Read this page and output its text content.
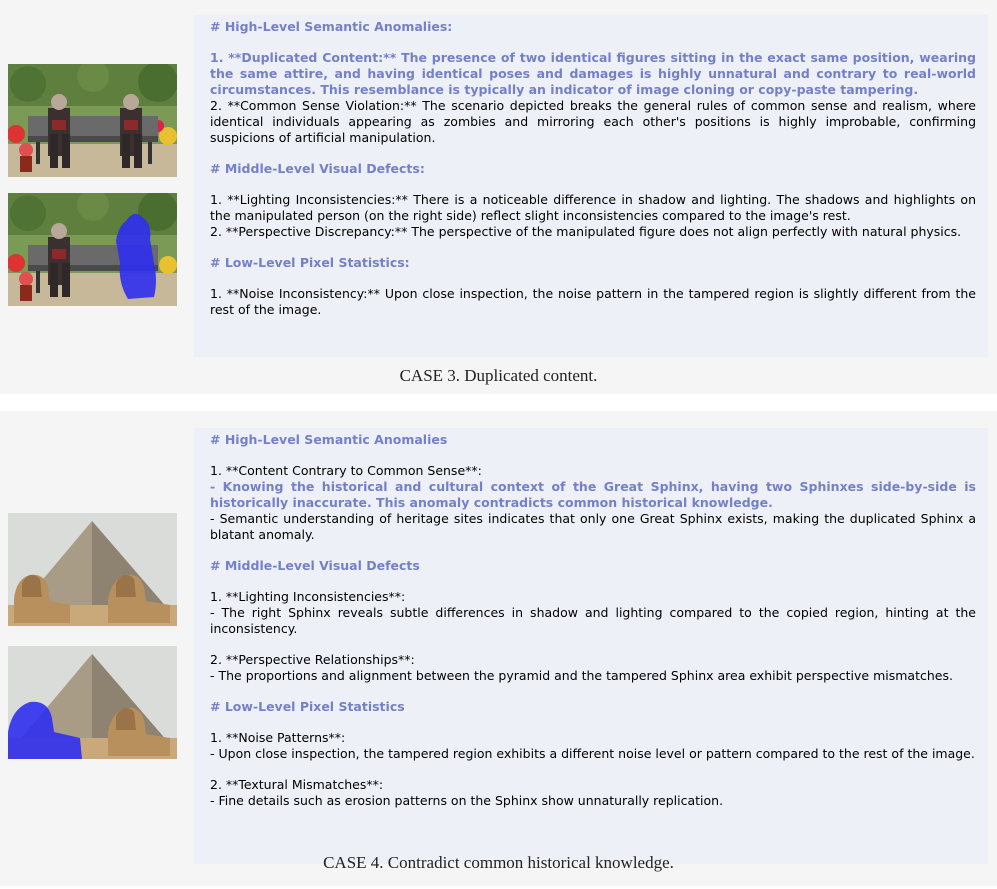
# High-Level Semantic Anomalies:

1. **Duplicated Content:** The presence of two identical figures sitting in the exact same position, wearing the same attire, and having identical poses and damages is highly unnatural and contrary to real-world circumstances. This resemblance is typically an indicator of image cloning or copy-paste tampering.

2. **Common Sense Violation:** The scenario depicted breaks the general rules of common sense and realism, where identical individuals appearing as zombies and mirroring each other's positions is highly improbable, confirming suspicions of artificial manipulation.

# Middle-Level Visual Defects:

1. **Lighting Inconsistencies:** There is a noticeable difference in shadow and lighting. The shadows and highlights on the manipulated person (on the right side) reflect slight inconsistencies compared to the image's rest.

2. **Perspective Discrepancy:** The perspective of the manipulated figure does not align perfectly with natural physics.

# Low-Level Pixel Statistics:

1. **Noise Inconsistency:** Upon close inspection, the noise pattern in the tampered region is slightly different from the rest of the image.

CASE 3. Duplicated content.

# High-Level Semantic Anomalies

1. **Content Contrary to Common Sense**:

- Knowing the historical and cultural context of the Great Sphinx, having two Sphinxes side-by-side is historically inaccurate. This anomaly contradicts common historical knowledge.

- Semantic understanding of heritage sites indicates that only one Great Sphinx exists, making the duplicated Sphinx a blatant anomaly.

# Middle-Level Visual Defects

1. **Lighting Inconsistencies**:

- The right Sphinx reveals subtle differences in shadow and lighting compared to the copied region, hinting at the inconsistency.

2. **Perspective Relationships**:

- The proportions and alignment between the pyramid and the tampered Sphinx area exhibit perspective mismatches.

# Low-Level Pixel Statistics

1. **Noise Patterns**:

- Upon close inspection, the tampered region exhibits a different noise level or pattern compared to the rest of the image.

2. **Textural Mismatches**:

- Fine details such as erosion patterns on the Sphinx show unnaturally replication.

CASE 4. Contradict common historical knowledge.
